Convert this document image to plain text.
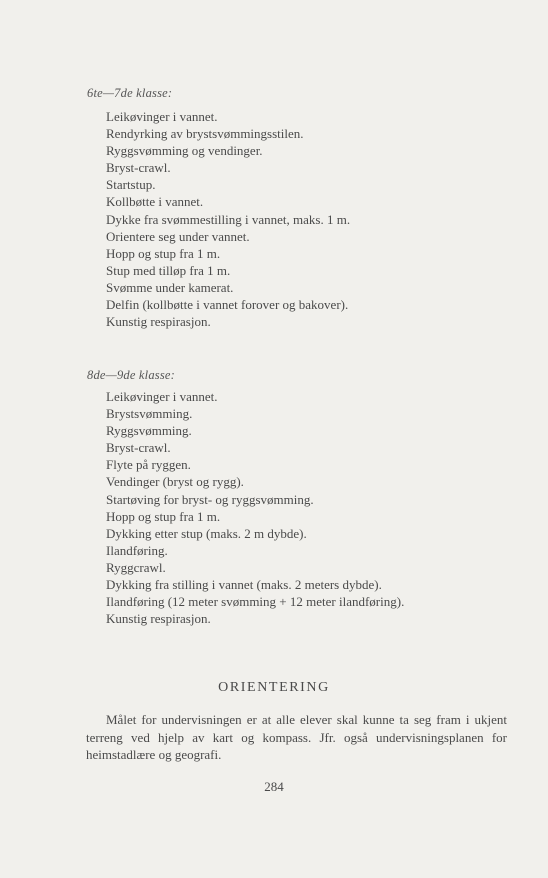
6te—7de klasse:
Leikøvinger i vannet.
Rendyrking av brystsvømmingsstilen.
Ryggsvømming og vendinger.
Bryst-crawl.
Startstup.
Kollbøtte i vannet.
Dykke fra svømmestilling i vannet, maks. 1 m.
Orientere seg under vannet.
Hopp og stup fra 1 m.
Stup med tilløp fra 1 m.
Svømme under kamerat.
Delfin (kollbøtte i vannet forover og bakover).
Kunstig respirasjon.
8de—9de klasse:
Leikøvinger i vannet.
Brystsvømming.
Ryggsvømming.
Bryst-crawl.
Flyte på ryggen.
Vendinger (bryst og rygg).
Startøving for bryst- og ryggsvømming.
Hopp og stup fra 1 m.
Dykking etter stup (maks. 2 m dybde).
Ilandføring.
Ryggcrawl.
Dykking fra stilling i vannet (maks. 2 meters dybde).
Ilandføring (12 meter svømming + 12 meter ilandføring).
Kunstig respirasjon.
ORIENTERING

Målet for undervisningen er at alle elever skal kunne ta seg fram i ukjent terreng ved hjelp av kart og kompass. Jfr. også undervisningsplanen for heimstadlære og geografi.

284
